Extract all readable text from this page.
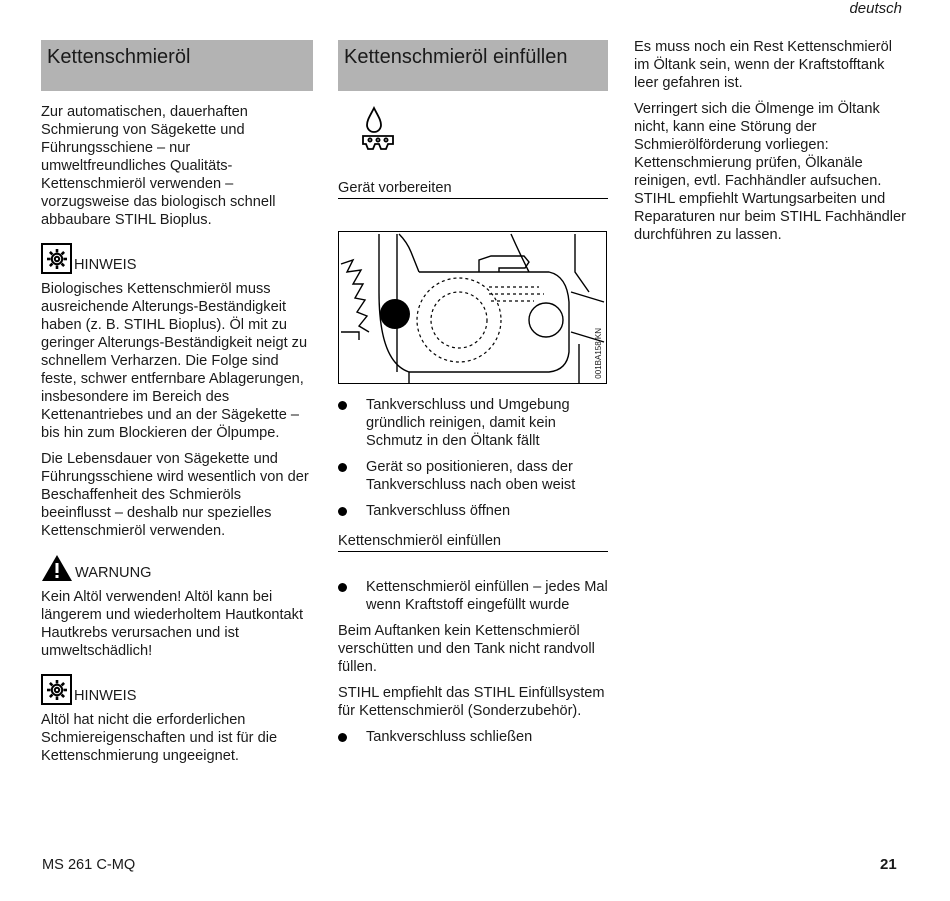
deutsch
Kettenschmieröl

Zur automatischen, dauerhaften Schmierung von Sägekette und Führungsschiene – nur umweltfreundliches Qualitäts-Kettenschmieröl verwenden – vorzugsweise das biologisch schnell abbaubare STIHL Bioplus.

HINWEIS

Biologisches Kettenschmieröl muss ausreichende Alterungs-Beständigkeit haben (z. B. STIHL Bioplus). Öl mit zu geringer Alterungs-Beständigkeit neigt zu schnellem Verharzen. Die Folge sind feste, schwer entfernbare Ablagerungen, insbesondere im Bereich des Kettenantriebes und an der Sägekette – bis hin zum Blockieren der Ölpumpe.

Die Lebensdauer von Sägekette und Führungsschiene wird wesentlich von der Beschaffenheit des Schmieröls beeinflusst – deshalb nur spezielles Kettenschmieröl verwenden.

WARNUNG

Kein Altöl verwenden! Altöl kann bei längerem und wiederholtem Hautkontakt Hautkrebs verursachen und ist umweltschädlich!

HINWEIS

Altöl hat nicht die erforderlichen Schmiereigenschaften und ist für die Kettenschmierung ungeeignet.

Kettenschmieröl einfüllen
Gerät vorbereiten
001BA158 KN

Tankverschluss und Umgebung gründlich reinigen, damit kein Schmutz in den Öltank fällt

Gerät so positionieren, dass der Tankverschluss nach oben weist

Tankverschluss öffnen

Kettenschmieröl einfüllen

Kettenschmieröl einfüllen – jedes Mal wenn Kraftstoff eingefüllt wurde

Beim Auftanken kein Kettenschmieröl verschütten und den Tank nicht randvoll füllen.

STIHL empfiehlt das STIHL Einfüllsystem für Kettenschmieröl (Sonderzubehör).

Tankverschluss schließen

Es muss noch ein Rest Kettenschmieröl im Öltank sein, wenn der Kraftstofftank leer gefahren ist.

Verringert sich die Ölmenge im Öltank nicht, kann eine Störung der Schmierölförderung vorliegen: Kettenschmierung prüfen, Ölkanäle reinigen, evtl. Fachhändler aufsuchen. STIHL empfiehlt Wartungsarbeiten und Reparaturen nur beim STIHL Fachhändler durchführen zu lassen.

MS 261 C-MQ	21
